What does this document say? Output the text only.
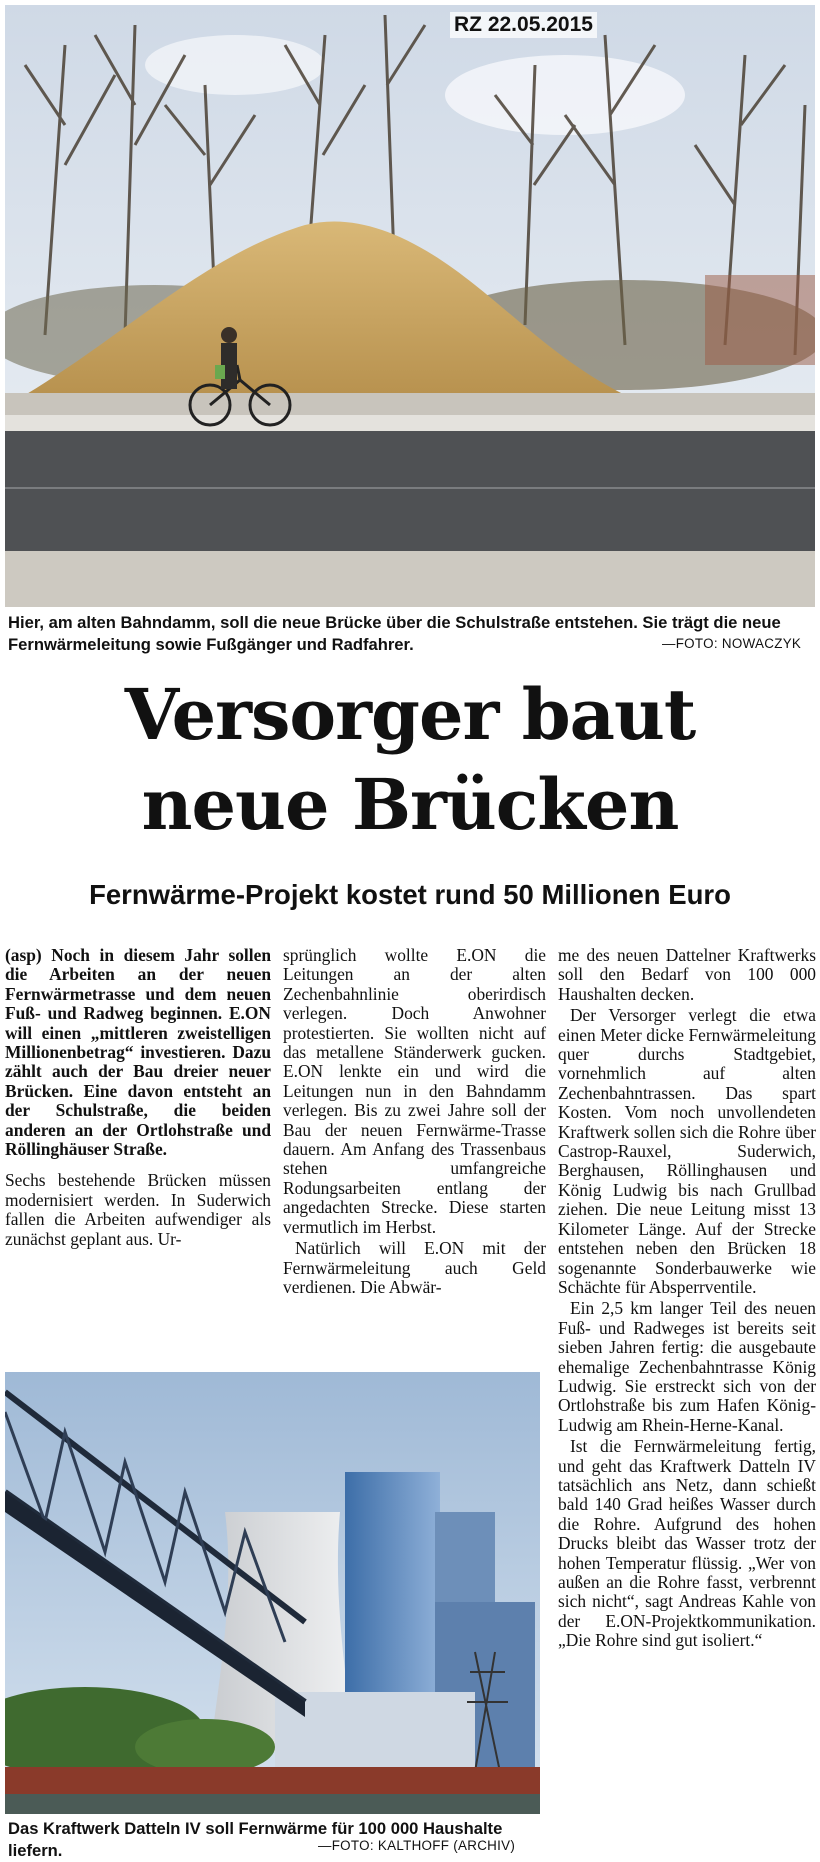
RZ 22.05.2015
Hier, am alten Bahndamm, soll die neue Brücke über die Schulstraße entstehen. Sie trägt die neue Fernwärmeleitung sowie Fußgänger und Radfahrer.	—FOTO: NOWACZYK
Versorger baut
neue Brücken
Fernwärme-Projekt kostet rund 50 Millionen Euro

(asp) Noch in diesem Jahr sollen die Arbeiten an der neuen Fernwärmetrasse und dem neuen Fuß- und Radweg beginnen. E.ON will einen „mittleren zweistelligen Millionenbetrag“ investieren. Dazu zählt auch der Bau dreier neuer Brücken. Eine davon entsteht an der Schulstraße, die beiden anderen an der Ortlohstraße und Röllinghäuser Straße.

Sechs bestehende Brücken müssen modernisiert werden. In Suderwich fallen die Arbeiten aufwendiger als zunächst geplant aus. Ur-

sprünglich wollte E.ON die Leitungen an der alten Zechenbahnlinie oberirdisch verlegen. Doch Anwohner protestierten. Sie wollten nicht auf das metallene Ständerwerk gucken. E.ON lenkte ein und wird die Leitungen nun in den Bahndamm verlegen. Bis zu zwei Jahre soll der Bau der neuen Fernwärme-Trasse dauern. Am Anfang des Trassenbaus stehen umfangreiche Rodungsarbeiten entlang der angedachten Strecke. Diese starten vermutlich im Herbst.

Natürlich will E.ON mit der Fernwärmeleitung auch Geld verdienen. Die Abwär-

me des neuen Dattelner Kraftwerks soll den Bedarf von 100 000 Haushalten decken.

Der Versorger verlegt die etwa einen Meter dicke Fernwärmeleitung quer durchs Stadtgebiet, vornehmlich auf alten Zechenbahntrassen. Das spart Kosten. Vom noch unvollendeten Kraftwerk sollen sich die Rohre über Castrop-Rauxel, Suderwich, Berghausen, Röllinghausen und König Ludwig bis nach Grullbad ziehen. Die neue Leitung misst 13 Kilometer Länge. Auf der Strecke entstehen neben den Brücken 18 sogenannte Sonderbauwerke wie Schächte für Absperrventile.

Ein 2,5 km langer Teil des neuen Fuß- und Radweges ist bereits seit sieben Jahren fertig: die ausgebaute ehemalige Zechenbahntrasse König Ludwig. Sie erstreckt sich von der Ortlohstraße bis zum Hafen König-Ludwig am Rhein-Herne-Kanal.

Ist die Fernwärmeleitung fertig, und geht das Kraftwerk Datteln IV tatsächlich ans Netz, dann schießt bald 140 Grad heißes Wasser durch die Rohre. Aufgrund des hohen Drucks bleibt das Wasser trotz der hohen Temperatur flüssig. „Wer von außen an die Rohre fasst, verbrennt sich nicht“, sagt Andreas Kahle von der E.ON-Projektkommunikation. „Die Rohre sind gut isoliert.“

Das Kraftwerk Datteln IV soll Fernwärme für 100 000 Haushalte liefern.	—FOTO: KALTHOFF (ARCHIV)
